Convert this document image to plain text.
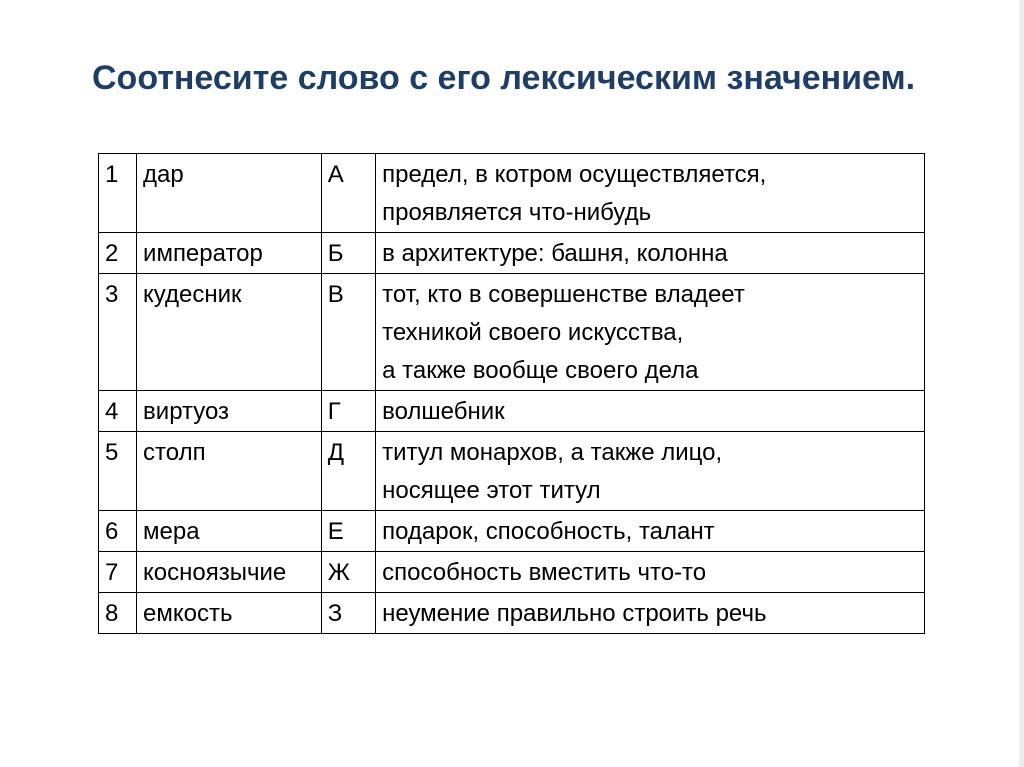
Соотнесите слово с его лексическим значением.
1	дар	А	предел, в котром осуществляется,
проявляется что-нибудь
2	император	Б	в архитектуре: башня, колонна
3	кудесник	В	тот, кто в совершенстве владеет
техникой своего искусства,
а также вообще своего дела
4	виртуоз	Г	волшебник
5	столп	Д	титул монархов, а также лицо,
носящее этот титул
6	мера	Е	подарок, способность, талант
7	косноязычие	Ж	способность вместить что-то
8	емкость	З	неумение правильно строить речь
